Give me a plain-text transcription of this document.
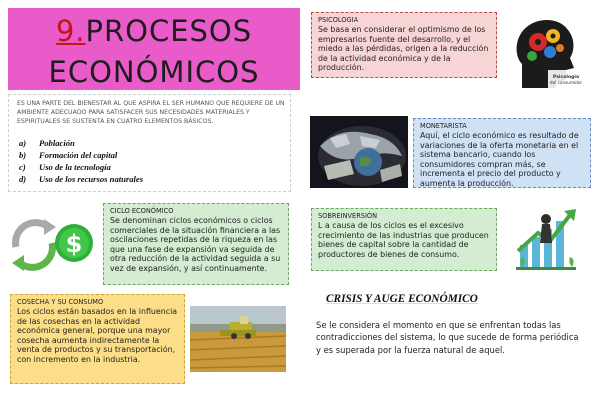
9.PROCESOS
ECONÓMICOS
ES UNA PARTE DEL BIENESTAR AL QUE ASPIRA EL SER HUMANO QUE REQUIERE DE UN AMBIENTE ADECUADO PARA SATISFACER SUS NECESIDADES MATERIALES Y ESPIRITUALES SE SUSTENTA EN CUATRO ELEMENTOS BÁSICOS.
a) Población
b) Formación del capital
c) Uso de la tecnología
d) Uso de los recursos naturales
PSICOLOGIA
Se basa en considerar el optimismo de los empresarios fuente del desarrollo, y el miedo a las pérdidas, origen a la reducción de la actividad económica y de la producción.
Psicología
del consumidor
MONETARISTA
Aquí, el ciclo económico es resultado de variaciones de la oferta monetaria en el sistema bancario, cuando los consumidores compran más, se incrementa el precio del producto y aumenta la producción.
$
CICLO ECONÓMICO
Se denominan ciclos económicos o ciclos comerciales de la situación financiera a las oscilaciones repetidas de la riqueza en las que una fase de expansión va seguida de otra reducción de la actividad seguida a su vez de expansión, y así continuamente.
SOBREINVERSIÓN
L a causa de los ciclos es el excesivo crecimiento de las industrias que producen bienes de capital sobre la cantidad de productores de bienes de consumo.
COSECHA Y SU CONSUMO
Los ciclos están basados en la influencia de las cosechas en la actividad económica general, porque una mayor cosecha aumenta indirectamente la venta de productos y su transportación, con incremento en la industria.
CRISIS Y AUGE ECONÓMICO
Se le considera el momento en que se enfrentan todas las contradicciones del sistema, lo que sucede de forma periódica y es superada por la fuerza natural de aquel.
